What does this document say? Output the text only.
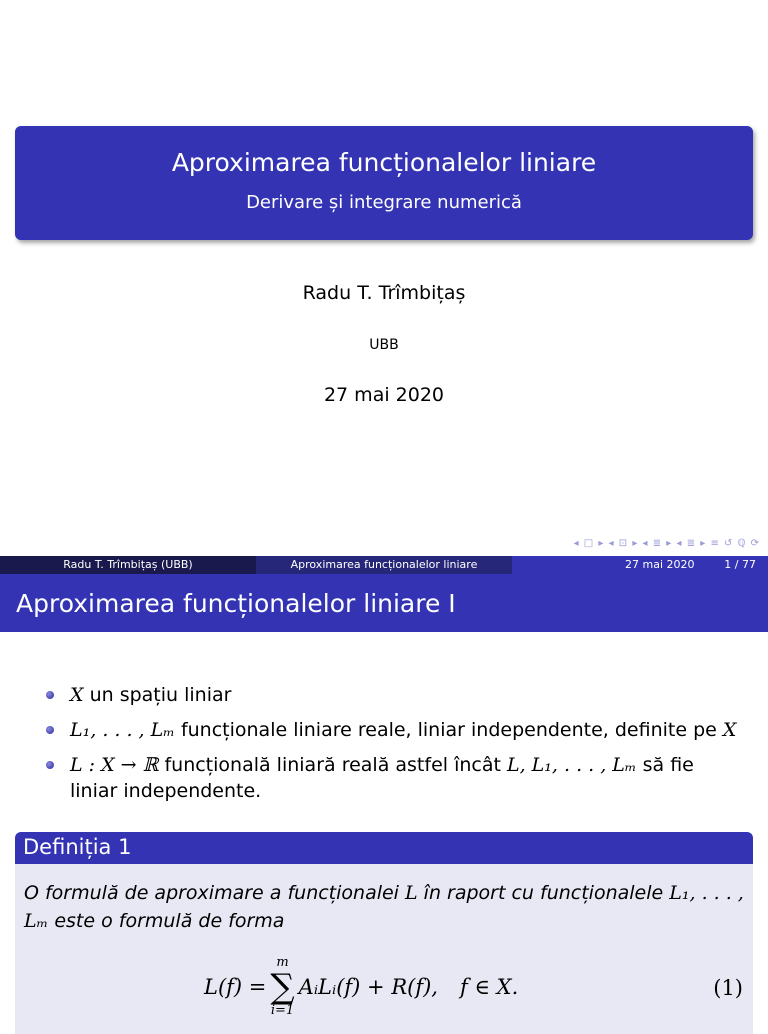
Aproximarea funcționalelor liniare
Derivare și integrare numerică
Radu T. Trîmbițaș
UBB
27 mai 2020
◂ □ ▸ ◂ ⊡ ▸ ◂ ≣ ▸ ◂ ≣ ▸ ≡ ↺ ℚ ⟳
Radu T. Trîmbițaș (UBB)	Aproximarea funcționalelor liniare	27 mai 2020	1 / 77
Aproximarea funcționalelor liniare I
X un spațiu liniar
L₁, . . . , Lₘ funcționale liniare reale, liniar independente, definite pe X
L : X → ℝ funcțională liniară reală astfel încât L, L₁, . . . , Lₘ să fie liniar independente.
Definiția 1
O formulă de aproximare a funcționalei L în raport cu funcționalele L₁, . . . , Lₘ este o formulă de forma
L(f) =
m
∑
i=1
AᵢLᵢ(f) + R(f), f ∈ X.	(1)
